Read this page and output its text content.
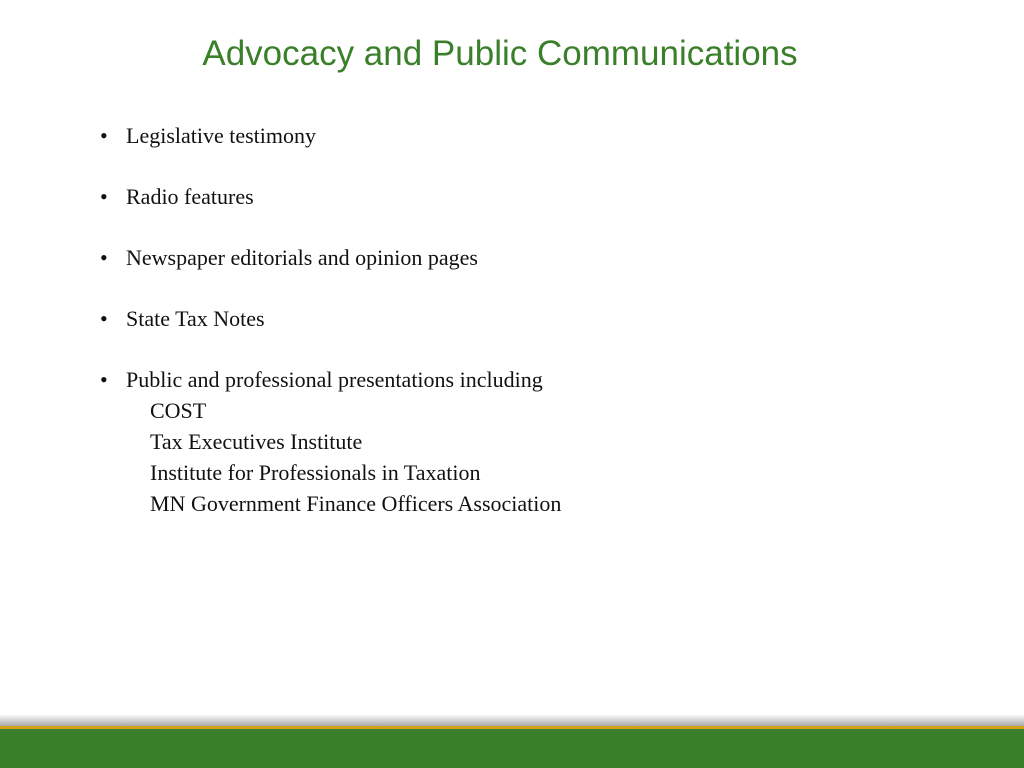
Advocacy and Public Communications
• Legislative testimony
• Radio features
• Newspaper editorials and opinion pages
• State Tax Notes
• Public and professional presentations including
COST
Tax Executives Institute
Institute for Professionals in Taxation
MN Government Finance Officers Association
